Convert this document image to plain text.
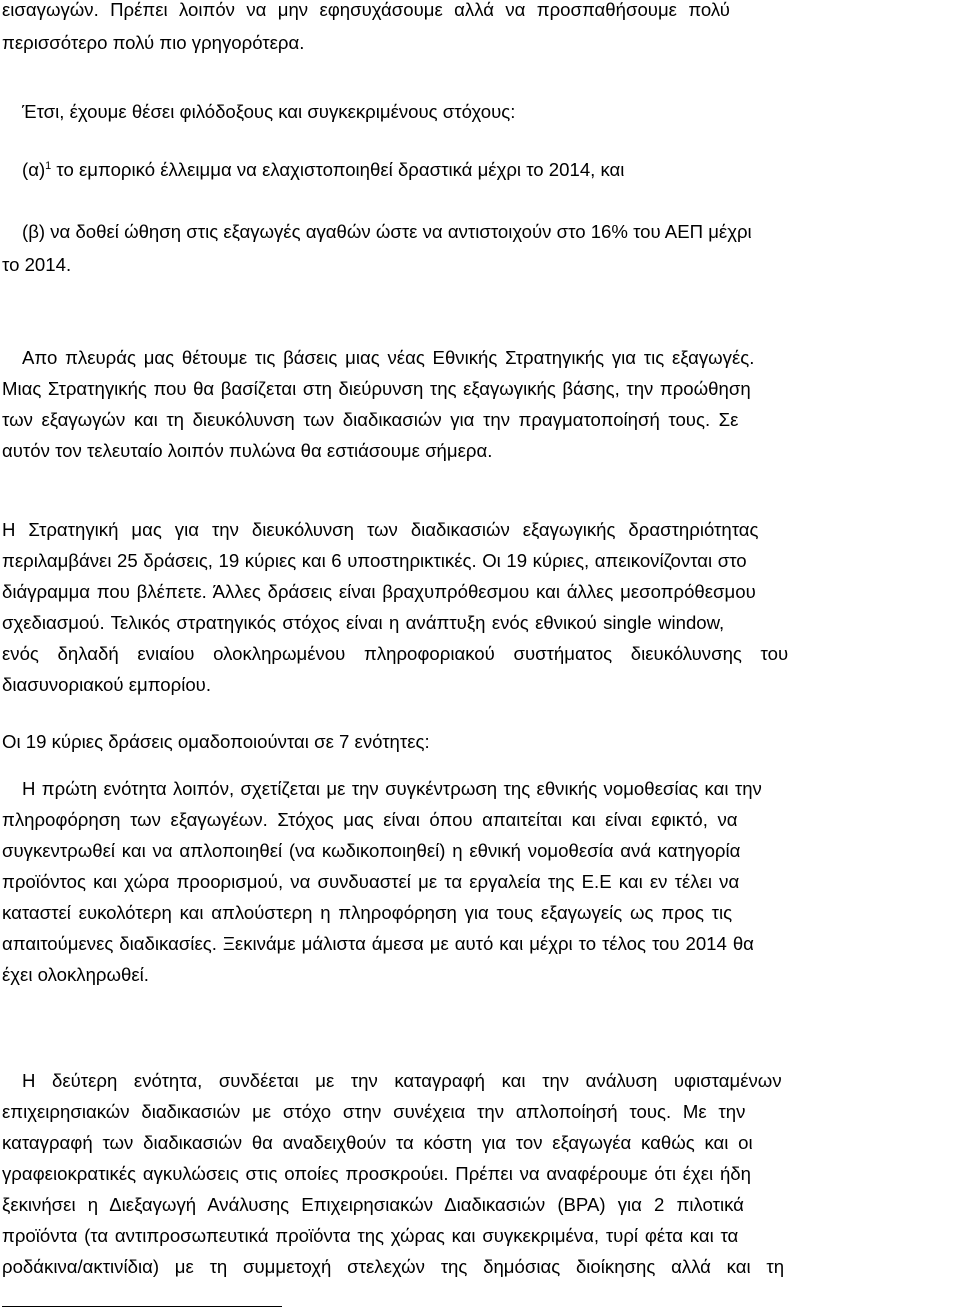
εισαγωγών. Πρέπει λοιπόν να μην εφησυχάσουμε αλλά να προσπαθήσουμε πολύ
περισσότερο πολύ πιο γρηγορότερα.
Έτσι, έχουμε θέσει φιλόδοξους και συγκεκριμένους στόχους:
$(\alpha)^1$ το εμπορικό έλλειμμα να ελαχιστοποιηθεί δραστικά μέχρι το 2014, και
(β) να δοθεί ώθηση στις εξαγωγές αγαθών ώστε να αντιστοιχούν στο 16% του ΑΕΠ μέχρι
το 2014.
Απο πλευράς μας θέτουμε τις βάσεις μιας νέας Εθνικής Στρατηγικής για τις εξαγωγές.
Μιας Στρατηγικής που θα βασίζεται στη διεύρυνση της εξαγωγικής βάσης, την προώθηση
των εξαγωγών και τη διευκόλυνση των διαδικασιών για την πραγματοποίησή τους. Σε
αυτόν τον τελευταίο λοιπόν πυλώνα θα εστιάσουμε σήμερα.
Η Στρατηγική μας για την διευκόλυνση των διαδικασιών εξαγωγικής δραστηριότητας
περιλαμβάνει 25 δράσεις, 19 κύριες και 6 υποστηρικτικές. Οι 19 κύριες, απεικονίζονται στο
διάγραμμα που βλέπετε. Άλλες δράσεις είναι βραχυπρόθεσμου και άλλες μεσοπρόθεσμου
σχεδιασμού. Τελικός στρατηγικός στόχος είναι η ανάπτυξη ενός εθνικού single window,
ενός δηλαδή ενιαίου ολοκληρωμένου πληροφοριακού συστήματος διευκόλυνσης του
διασυνοριακού εμπορίου.
Οι 19 κύριες δράσεις ομαδοποιούνται σε 7 ενότητες:
Η πρώτη ενότητα λοιπόν, σχετίζεται με την συγκέντρωση της εθνικής νομοθεσίας και την
πληροφόρηση των εξαγωγέων. Στόχος μας είναι όπου απαιτείται και είναι εφικτό, να
συγκεντρωθεί και να απλοποιηθεί (να κωδικοποιηθεί) η εθνική νομοθεσία ανά κατηγορία
προϊόντος και χώρα προορισμού, να συνδυαστεί με τα εργαλεία της Ε.Ε και εν τέλει να
καταστεί ευκολότερη και απλούστερη η πληροφόρηση για τους εξαγωγείς ως προς τις
απαιτούμενες διαδικασίες. Ξεκινάμε μάλιστα άμεσα με αυτό και μέχρι το τέλος του 2014 θα
έχει ολοκληρωθεί.
Η δεύτερη ενότητα, συνδέεται με την καταγραφή και την ανάλυση υφισταμένων
επιχειρησιακών διαδικασιών με στόχο στην συνέχεια την απλοποίησή τους. Με την
καταγραφή των διαδικασιών θα αναδειχθούν τα κόστη για τον εξαγωγέα καθώς και οι
γραφειοκρατικές αγκυλώσεις στις οποίες προσκρούει. Πρέπει να αναφέρουμε ότι έχει ήδη
ξεκινήσει η Διεξαγωγή Ανάλυσης Επιχειρησιακών Διαδικασιών (BPA) για 2 πιλοτικά
προϊόντα (τα αντιπροσωπευτικά προϊόντα της χώρας και συγκεκριμένα, τυρί φέτα και τα
ροδάκινα/ακτινίδια) με τη συμμετοχή στελεχών της δημόσιας διοίκησης αλλά και τη
